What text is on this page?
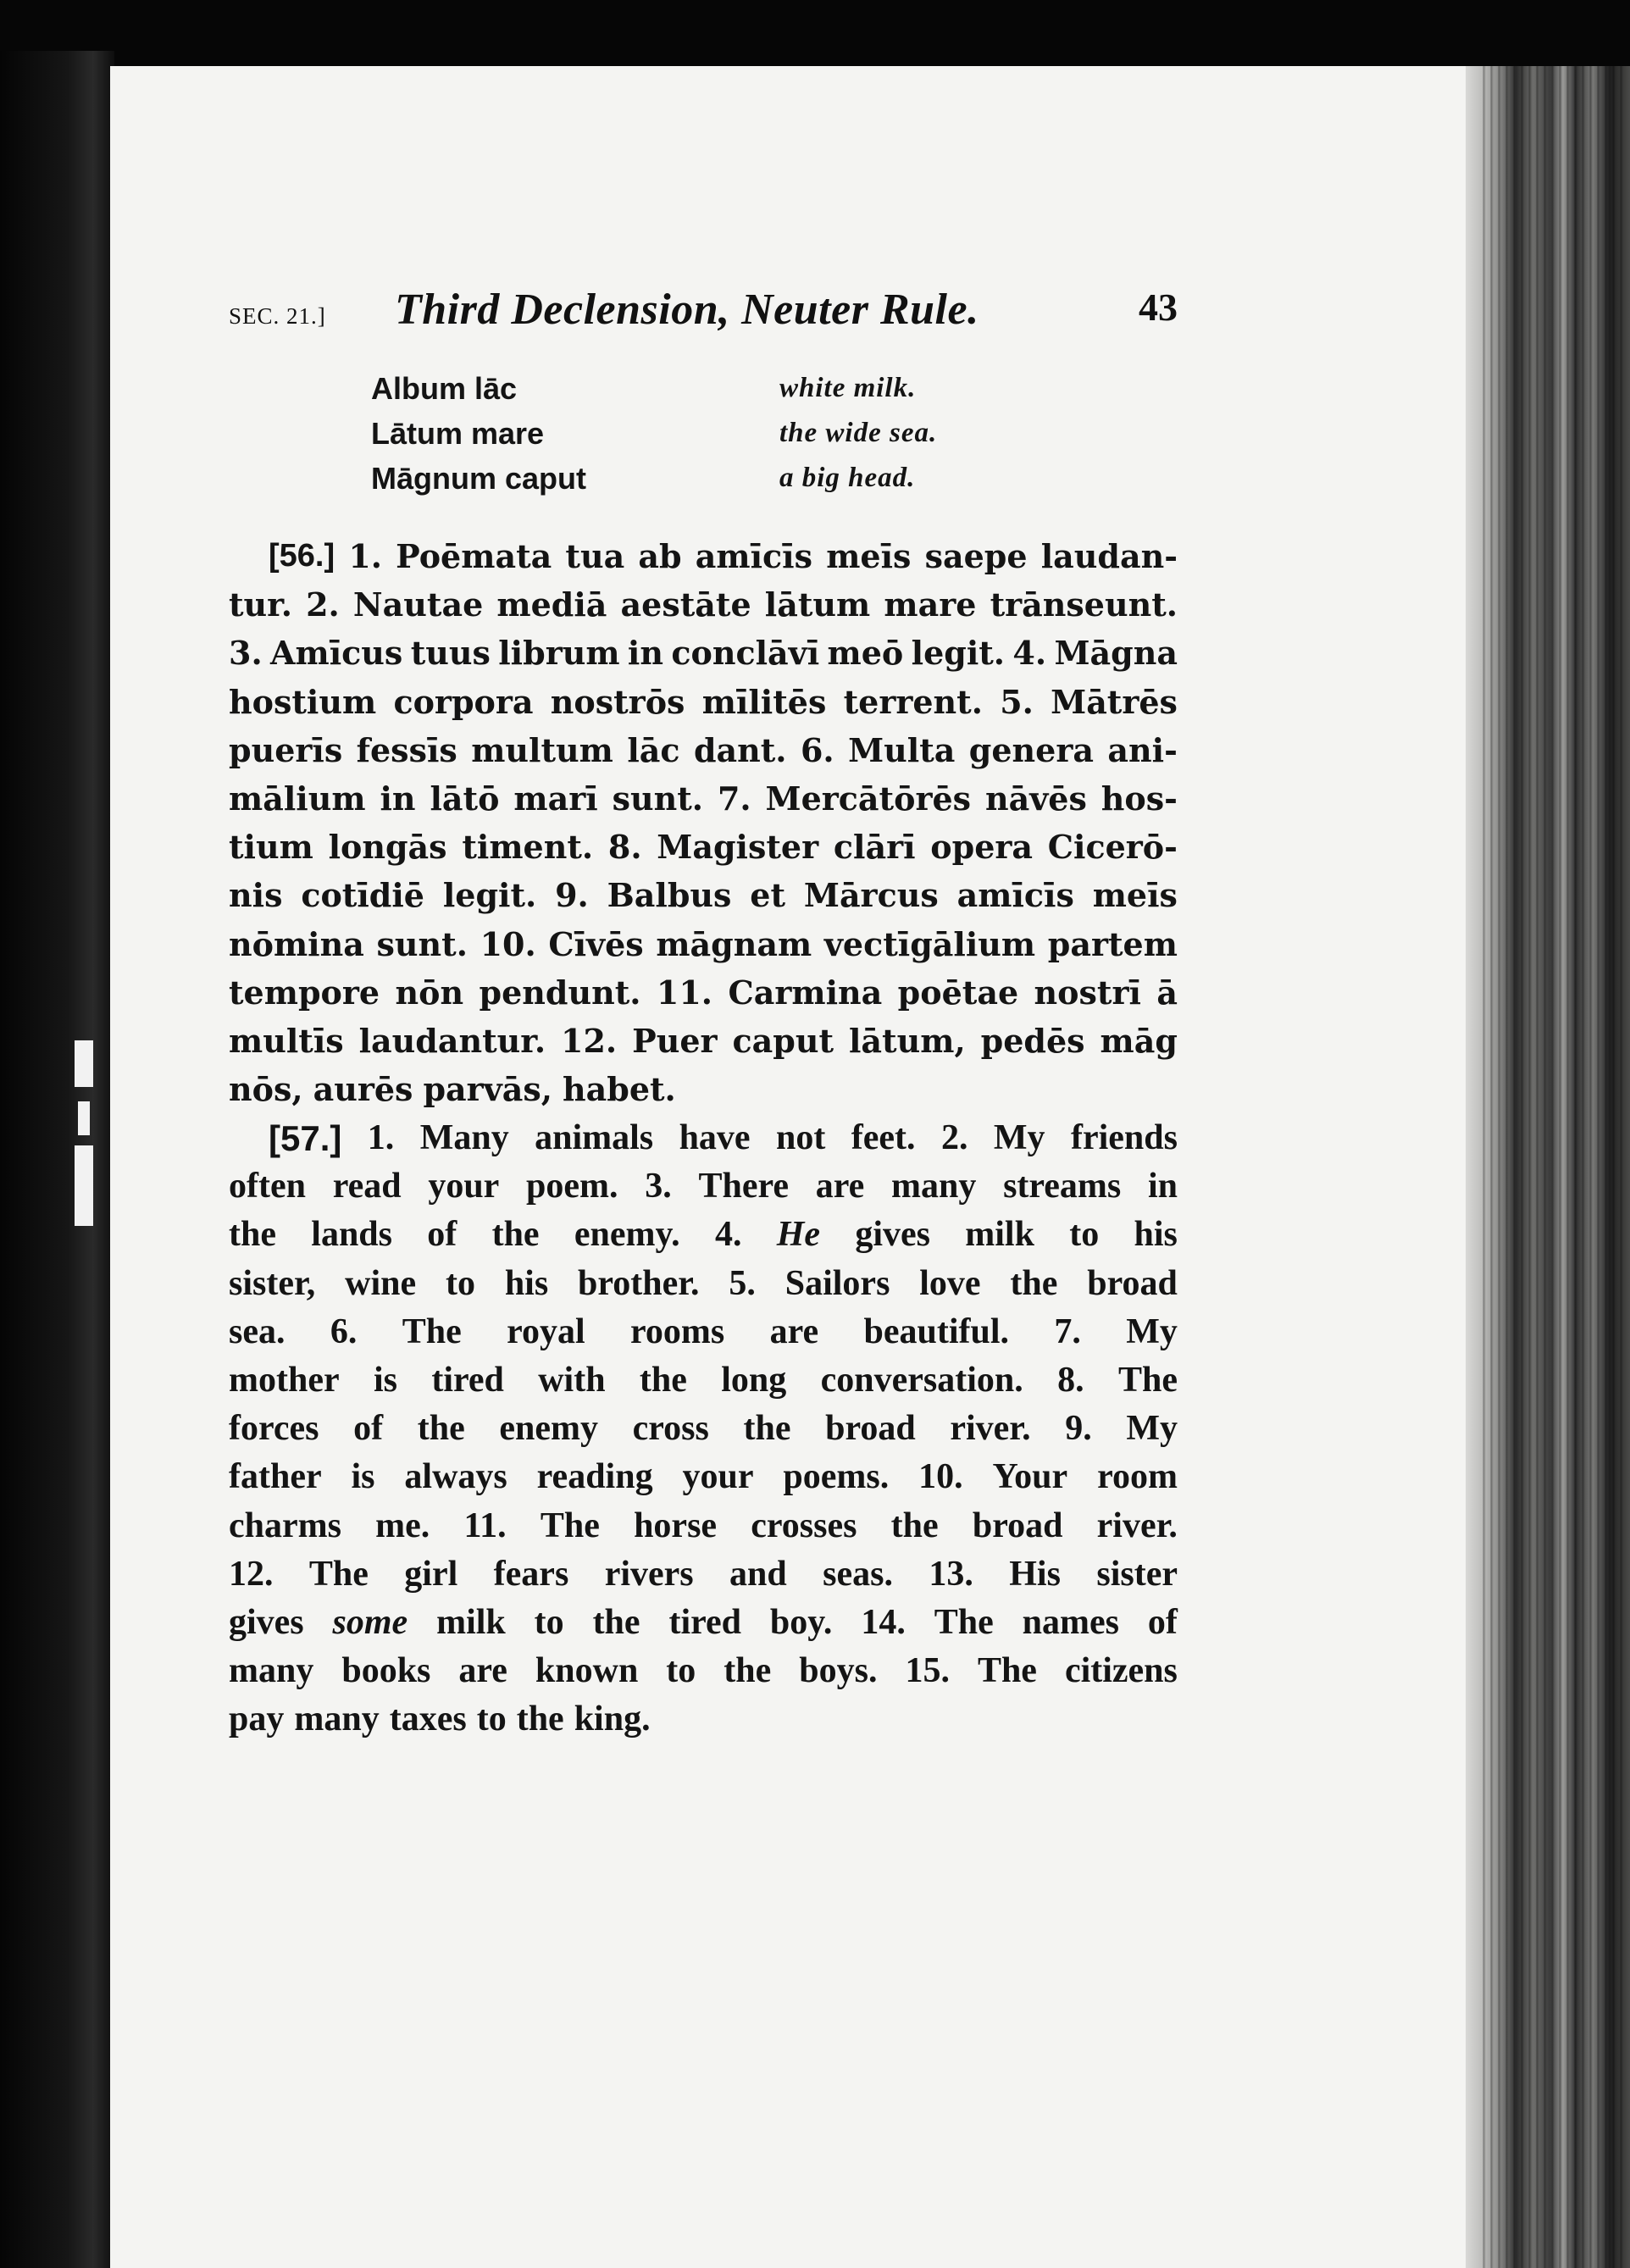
SEC. 21.] Third Declension, Neuter Rule.	43
Album lāc	white milk.
Lātum mare	the wide sea.
Māgnum caput	a big head.
[56.] 1. Poēmata tua ab amīcīs meīs saepe laudan-
tur. 2. Nautae mediā aestāte lātum mare trānseunt.
3. Amīcus tuus librum in conclāvī meō legit. 4. Māgna
hostium corpora nostrōs mīlitēs terrent. 5. Mātrēs
puerīs fessīs multum lāc dant. 6. Multa genera ani-
mālium in lātō marī sunt. 7. Mercātōrēs nāvēs hos-
tium longās timent. 8. Magister clārī opera Cicerō-
nis cotīdiē legit. 9. Balbus et Mārcus amīcīs meīs
nōmina sunt. 10. Cīvēs māgnam vectīgālium partem
tempore nōn pendunt. 11. Carmina poētae nostrī ā
multīs laudantur. 12. Puer caput lātum, pedēs māg
nōs, aurēs parvās, habet.
[57.] 1. Many animals have not feet. 2. My friends
often read your poem. 3. There are many streams in
the lands of the enemy. 4. He gives milk to his
sister, wine to his brother. 5. Sailors love the broad
sea. 6. The royal rooms are beautiful. 7. My
mother is tired with the long conversation. 8. The
forces of the enemy cross the broad river. 9. My
father is always reading your poems. 10. Your room
charms me. 11. The horse crosses the broad river.
12. The girl fears rivers and seas. 13. His sister
gives some milk to the tired boy. 14. The names of
many books are known to the boys. 15. The citizens
pay many taxes to the king.
